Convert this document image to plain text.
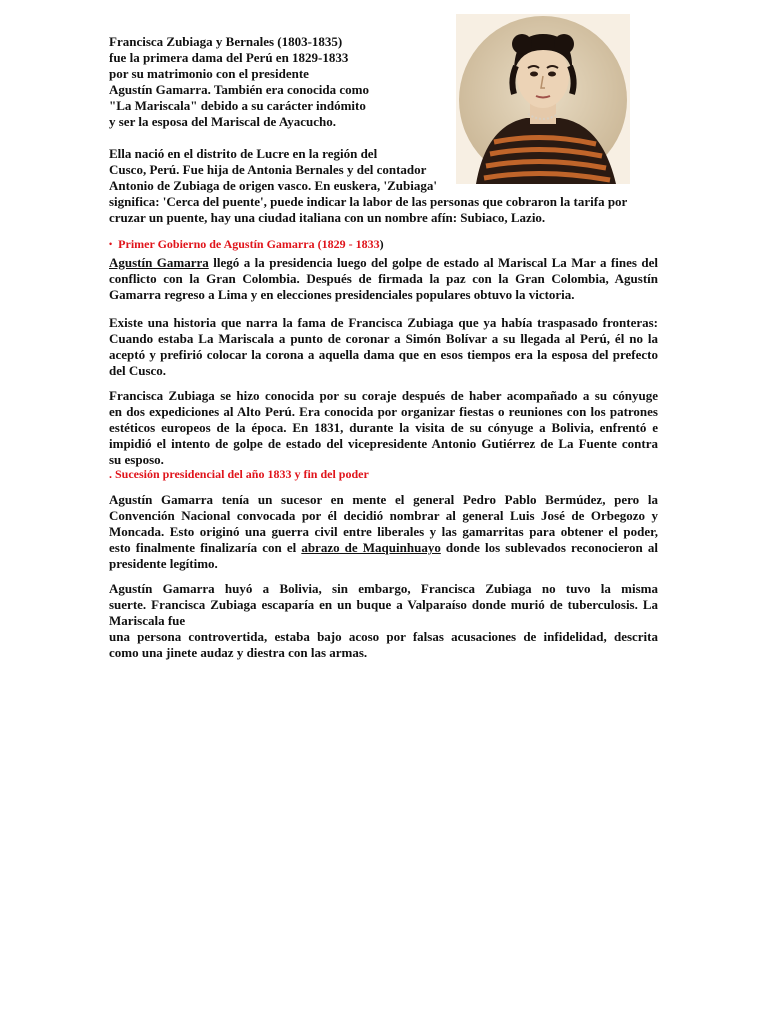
Francisca Zubiaga y Bernales (1803-1835)
fue la primera dama del Perú en 1829-1833
por su matrimonio con el presidente
Agustín Gamarra. También era conocida como
"La Mariscala" debido a su carácter indómito
y ser la esposa del Mariscal de Ayacucho.
Ella nació en el distrito de Lucre en la región del
Cusco, Perú. Fue hija de Antonia Bernales y del contador
Antonio de Zubiaga de origen vasco. En euskera, 'Zubiaga'
significa: 'Cerca del puente', puede indicar la labor de las personas que cobraron la tarifa por
cruzar un puente, hay una ciudad italiana con un nombre afín: Subiaco, Lazio.
• Primer Gobierno de Agustín Gamarra (1829 - 1833)
Agustín Gamarra llegó a la presidencia luego del golpe de estado al Mariscal La Mar a fines del
conflicto con la Gran Colombia. Después de firmada la paz con la Gran Colombia, Agustín
Gamarra regreso a Lima y en elecciones presidenciales populares obtuvo la victoria.
Existe una historia que narra la fama de Francisca Zubiaga que ya había traspasado fronteras:
Cuando estaba La Mariscala a punto de coronar a Simón Bolívar a su llegada al Perú, él no la
aceptó y prefirió colocar la corona a aquella dama que en esos tiempos era la esposa del prefecto
del Cusco.
Francisca Zubiaga se hizo conocida por su coraje después de haber acompañado a su cónyuge
en dos expediciones al Alto Perú. Era conocida por organizar fiestas o reuniones con los patrones
estéticos europeos de la época. En 1831, durante la visita de su cónyuge a Bolivia, enfrentó e
impidió el intento de golpe de estado del vicepresidente Antonio Gutiérrez de La Fuente contra
su esposo.
. Sucesión presidencial del año 1833 y fin del poder
Agustín Gamarra tenía un sucesor en mente el general Pedro Pablo Bermúdez, pero la
Convención Nacional convocada por él decidió nombrar al general Luis José de Orbegozo y
Moncada. Esto originó una guerra civil entre liberales y las gamarritas para obtener el poder,
esto finalmente finalizaría con el abrazo de Maquinhuayo donde los sublevados reconocieron al
presidente legítimo.
Agustín Gamarra huyó a Bolivia, sin embargo, Francisca Zubiaga no tuvo la misma
suerte. Francisca Zubiaga escaparía en un buque a Valparaíso donde murió de tuberculosis. La
Mariscala fue
una persona controvertida, estaba bajo acoso por falsas acusaciones de infidelidad, descrita
como una jinete audaz y diestra con las armas.
